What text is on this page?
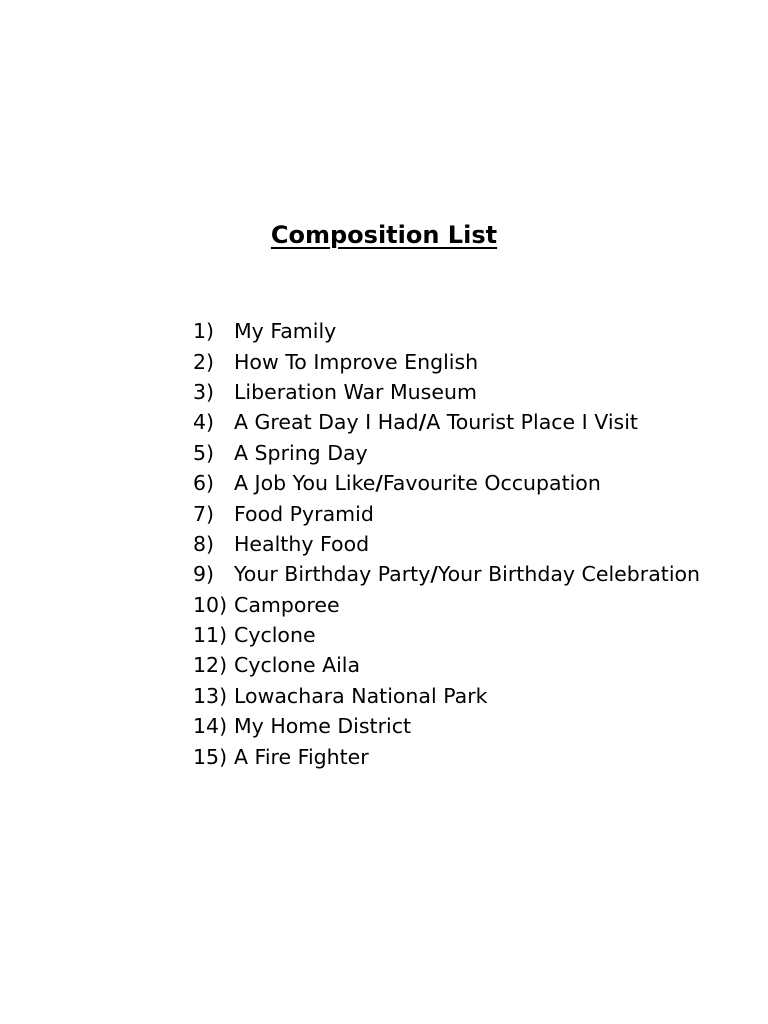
Composition List
1) My Family
2) How To Improve English
3) Liberation War Museum
4) A Great Day I Had/A Tourist Place I Visit
5) A Spring Day
6) A Job You Like/Favourite Occupation
7) Food Pyramid
8) Healthy Food
9) Your Birthday Party/Your Birthday Celebration
10) Camporee
11) Cyclone
12) Cyclone Aila
13) Lowachara National Park
14) My Home District
15) A Fire Fighter
